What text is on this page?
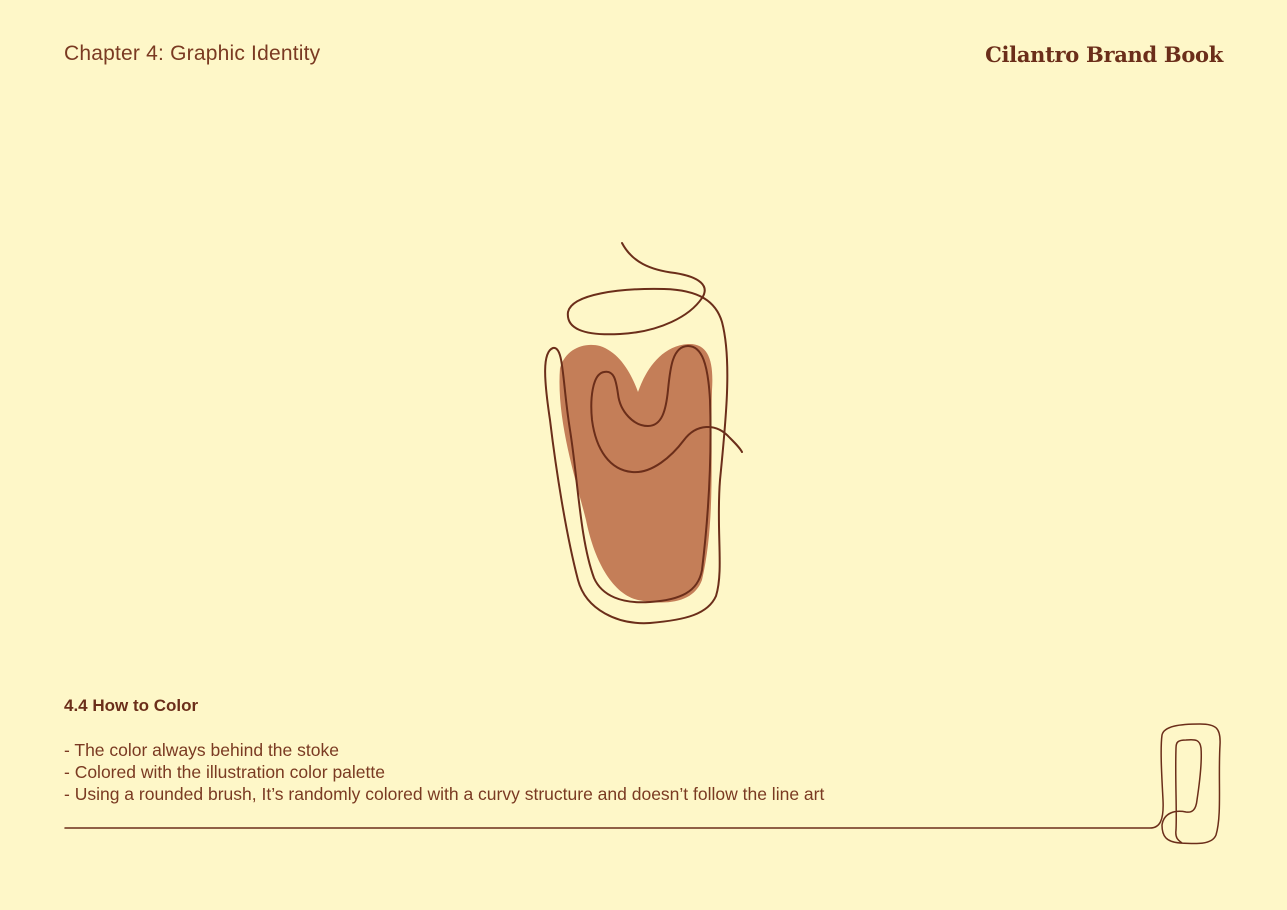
Chapter 4: Graphic Identity	Cilantro Brand Book
4.4 How to Color
- The color always behind the stoke
- Colored with the illustration color palette
- Using a rounded brush, It’s randomly colored with a curvy structure and doesn’t follow the line art
